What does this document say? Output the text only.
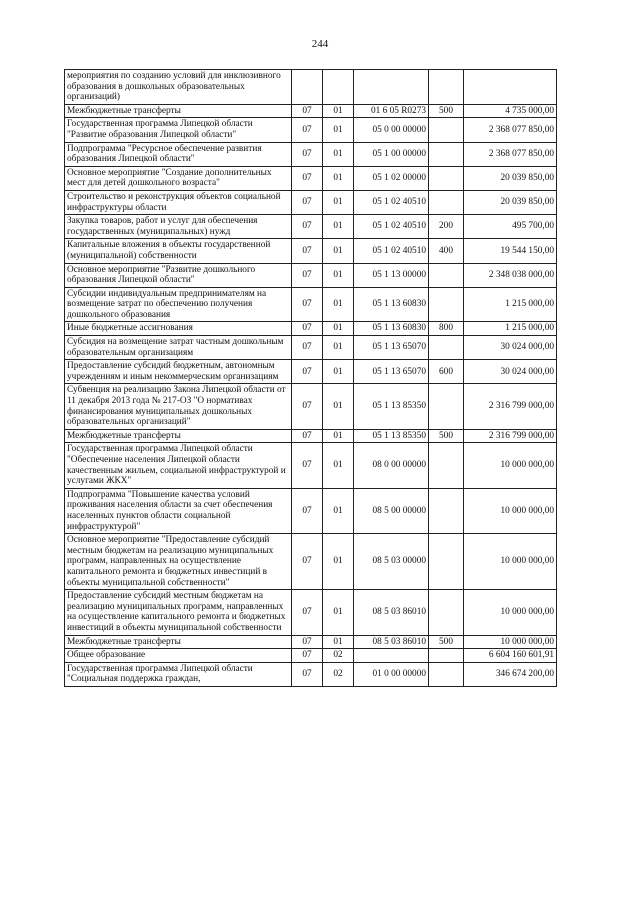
244
мероприятия по созданию условий для инклюзивного образования в дошкольных образовательных организаций)					
Межбюджетные трансферты	07	01	01 6 05 R0273	500	4 735 000,00
Государственная программа Липецкой области "Развитие образования Липецкой области"	07	01	05 0 00 00000		2 368 077 850,00
Подпрограмма "Ресурсное обеспечение развития образования Липецкой области"	07	01	05 1 00 00000		2 368 077 850,00
Основное мероприятие "Создание дополнительных мест для детей дошкольного возраста"	07	01	05 1 02 00000		20 039 850,00
Строительство и реконструкция объектов социальной инфраструктуры области	07	01	05 1 02 40510		20 039 850,00
Закупка товаров, работ и услуг для обеспечения государственных (муниципальных) нужд	07	01	05 1 02 40510	200	495 700,00
Капитальные вложения в объекты государственной (муниципальной) собственности	07	01	05 1 02 40510	400	19 544 150,00
Основное мероприятие "Развитие дошкольного образования Липецкой области"	07	01	05 1 13 00000		2 348 038 000,00
Субсидии индивидуальным предпринимателям на возмещение затрат по обеспечению получения дошкольного образования	07	01	05 1 13 60830		1 215 000,00
Иные бюджетные ассигнования	07	01	05 1 13 60830	800	1 215 000,00
Субсидия на возмещение затрат частным дошкольным образовательным организациям	07	01	05 1 13 65070		30 024 000,00
Предоставление субсидий бюджетным, автономным учреждениям и иным некоммерческим организациям	07	01	05 1 13 65070	600	30 024 000,00
Субвенция на реализацию Закона Липецкой области от 11 декабря 2013 года № 217-ОЗ "О нормативах финансирования муниципальных дошкольных образовательных организаций"	07	01	05 1 13 85350		2 316 799 000,00
Межбюджетные трансферты	07	01	05 1 13 85350	500	2 316 799 000,00
Государственная программа Липецкой области "Обеспечение населения Липецкой области качественным жильем, социальной инфраструктурой и услугами ЖКХ"	07	01	08 0 00 00000		10 000 000,00
Подпрограмма "Повышение качества условий проживания населения области за счет обеспечения населенных пунктов области социальной инфраструктурой"	07	01	08 5 00 00000		10 000 000,00
Основное мероприятие "Предоставление субсидий местным бюджетам на реализацию муниципальных программ, направленных на осуществление капитального ремонта и бюджетных инвестиций в объекты муниципальной собственности"	07	01	08 5 03 00000		10 000 000,00
Предоставление субсидий местным бюджетам на реализацию муниципальных программ, направленных на осуществление капитального ремонта и бюджетных инвестиций в объекты муниципальной собственности	07	01	08 5 03 86010		10 000 000,00
Межбюджетные трансферты	07	01	08 5 03 86010	500	10 000 000,00
Общее образование	07	02			6 604 160 601,91
Государственная программа Липецкой области "Социальная поддержка граждан,	07	02	01 0 00 00000		346 674 200,00
